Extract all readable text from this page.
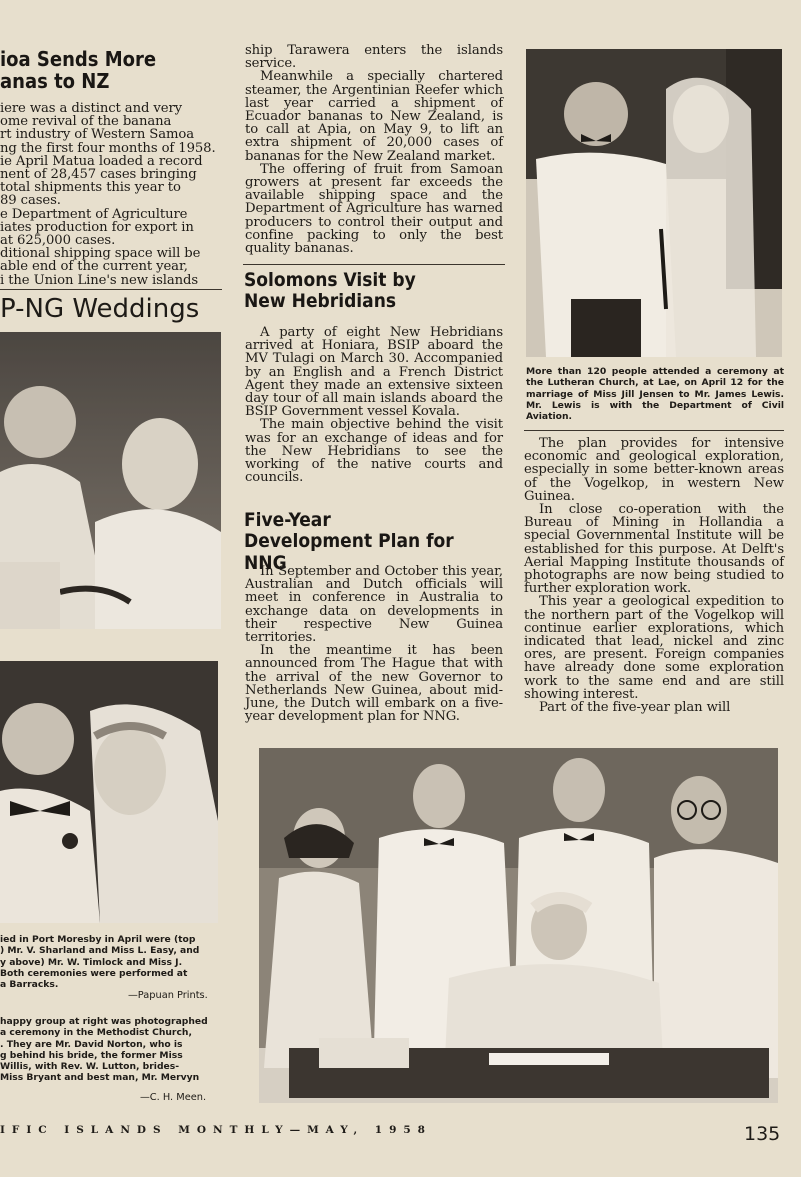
ioa Sends More
anas to NZ

iere was a distinct and very

ome revival of the banana

rt industry of Western Samoa

ng the first four months of 1958.

ie April Matua loaded a record

nent of 28,457 cases bringing

total shipments this year to

89 cases.

e Department of Agriculture

iates production for export in

at 625,000 cases.

ditional shipping space will be

able end of the current year,

i the Union Line's new islands

P-NG Weddings

ied in Port Moresby in April were (top

) Mr. V. Sharland and Miss L. Easy, and

y above) Mr. W. Timlock and Miss J.

Both ceremonies were performed at

a Barracks.

—Papuan Prints.

happy group at right was photographed

a ceremony in the Methodist Church,

. They are Mr. David Norton, who is

g behind his bride, the former Miss

Willis, with Rev. W. Lutton, brides-

Miss Bryant and best man, Mr. Mervyn

—C. H. Meen.

ship Tarawera enters the islands service.

Meanwhile a specially chartered steamer, the Argentinian Reefer which last year carried a shipment of Ecuador bananas to New Zealand, is to call at Apia, on May 9, to lift an extra shipment of 20,000 cases of bananas for the New Zealand market.

The offering of fruit from Samoan growers at present far exceeds the available shipping space and the Department of Agriculture has warned producers to control their output and confine packing to only the best quality bananas.

Solomons Visit by New Hebridians

A party of eight New Hebridians arrived at Honiara, BSIP aboard the MV Tulagi on March 30. Accompanied by an English and a French District Agent they made an extensive sixteen day tour of all main islands aboard the BSIP Government vessel Kovala.

The main objective behind the visit was for an exchange of ideas and for the New Hebridians to see the working of the native courts and councils.

Five-Year Development Plan for NNG

In September and October this year, Australian and Dutch officials will meet in conference in Australia to exchange data on developments in their respective New Guinea territories.

In the meantime it has been announced from The Hague that with the arrival of the new Governor to Netherlands New Guinea, about mid-June, the Dutch will embark on a five-year development plan for NNG.

More than 120 people attended a ceremony at the Lutheran Church, at Lae, on April 12 for the marriage of Miss Jill Jensen to Mr. James Lewis. Mr. Lewis is with the Department of Civil Aviation.

The plan provides for intensive economic and geological exploration, especially in some better-known areas of the Vogelkop, in western New Guinea.

In close co-operation with the Bureau of Mining in Hollandia a special Governmental Institute will be established for this purpose. At Delft's Aerial Mapping Institute thousands of photographs are now being studied to further exploration work.

This year a geological expedition to the northern part of the Vogelkop will continue earlier explorations, which indicated that lead, nickel and zinc ores, are present. Foreign companies have already done some exploration work to the same end and are still showing interest.

Part of the five-year plan will

IFIC ISLANDS MONTHLY—MAY, 1958	135
